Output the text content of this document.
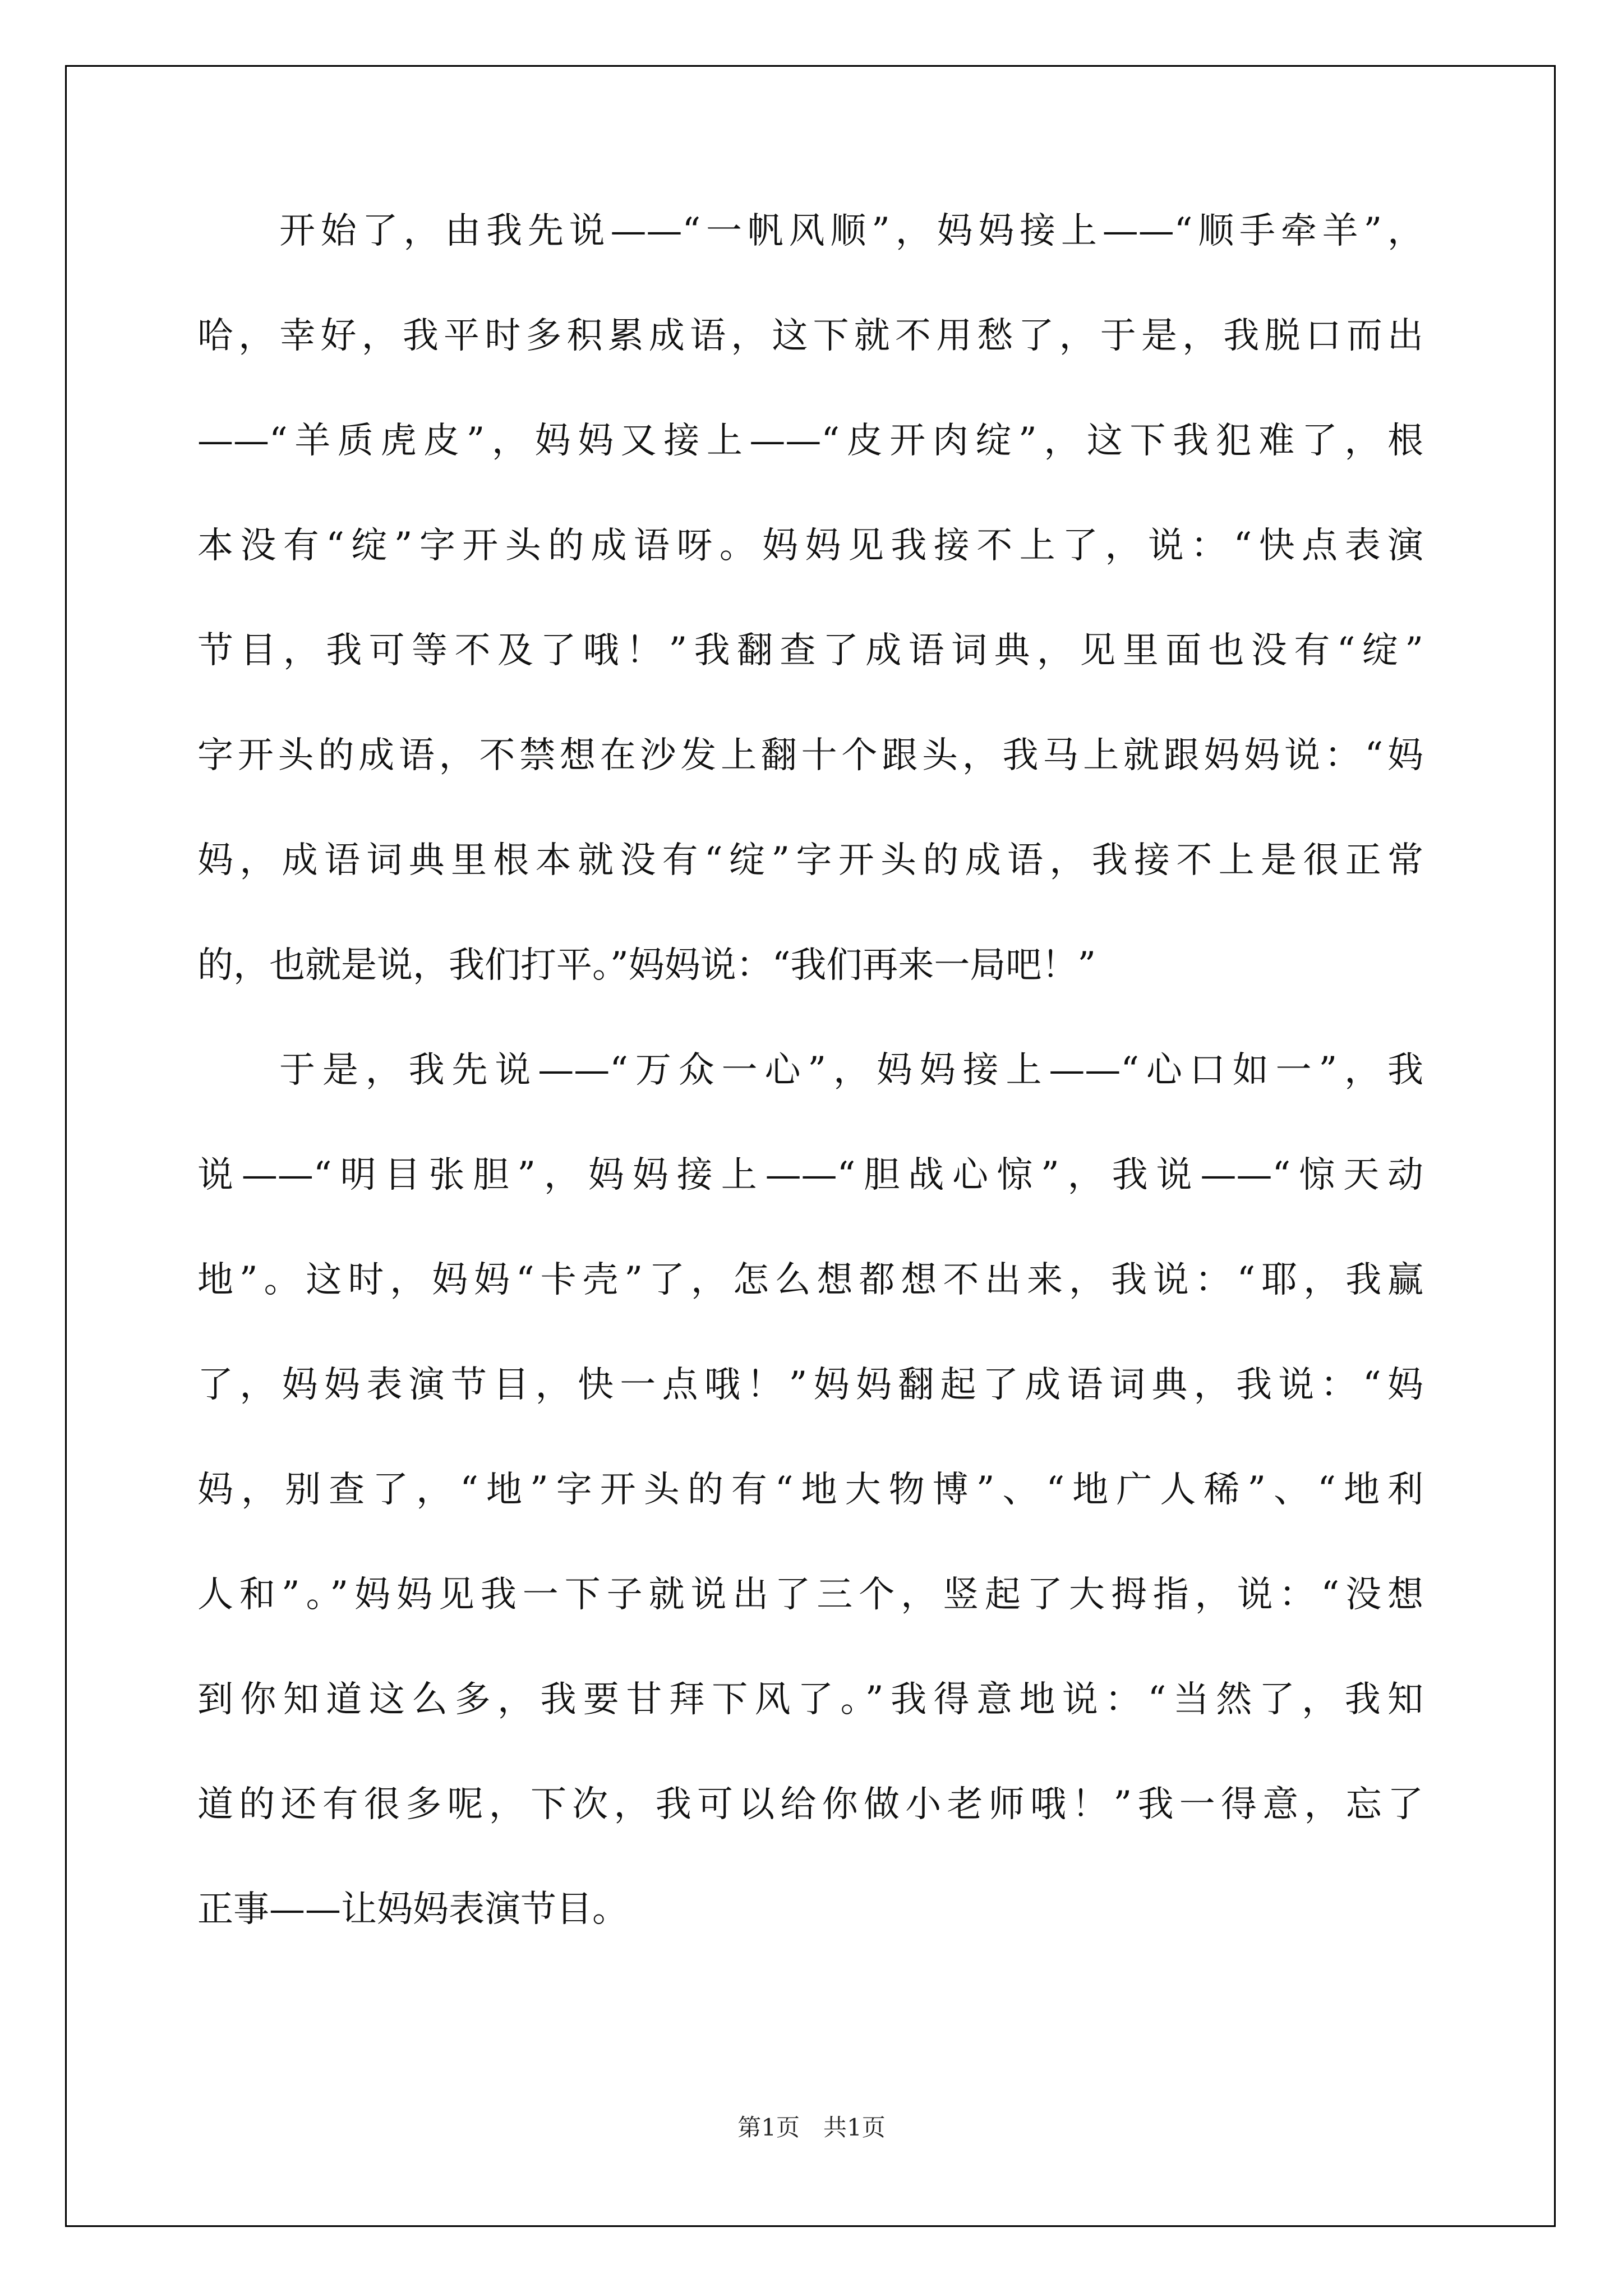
开始了，由我先说——“一帆风顺”，妈妈接上——“顺手牵羊”，
哈，幸好，我平时多积累成语，这下就不用愁了，于是，我脱口而出
——“羊质虎皮”，妈妈又接上——“皮开肉绽”，这下我犯难了，根
本没有“绽”字开头的成语呀。妈妈见我接不上了，说：“快点表演
节目，我可等不及了哦！”我翻查了成语词典，见里面也没有“绽”
字开头的成语，不禁想在沙发上翻十个跟头，我马上就跟妈妈说：“妈
妈，成语词典里根本就没有“绽”字开头的成语，我接不上是很正常
的，也就是说，我们打平。”妈妈说：“我们再来一局吧！”
于是，我先说——“万众一心”，妈妈接上——“心口如一”，我
说——“明目张胆”，妈妈接上——“胆战心惊”，我说——“惊天动
地”。这时，妈妈“卡壳”了，怎么想都想不出来，我说：“耶，我赢
了，妈妈表演节目，快一点哦！”妈妈翻起了成语词典，我说：“妈
妈，别查了，“地”字开头的有“地大物博”、“地广人稀”、“地利
人和”。”妈妈见我一下子就说出了三个，竖起了大拇指，说：“没想
到你知道这么多，我要甘拜下风了。”我得意地说：“当然了，我知
道的还有很多呢，下次，我可以给你做小老师哦！”我一得意，忘了
正事——让妈妈表演节目。
第1页　共1页
